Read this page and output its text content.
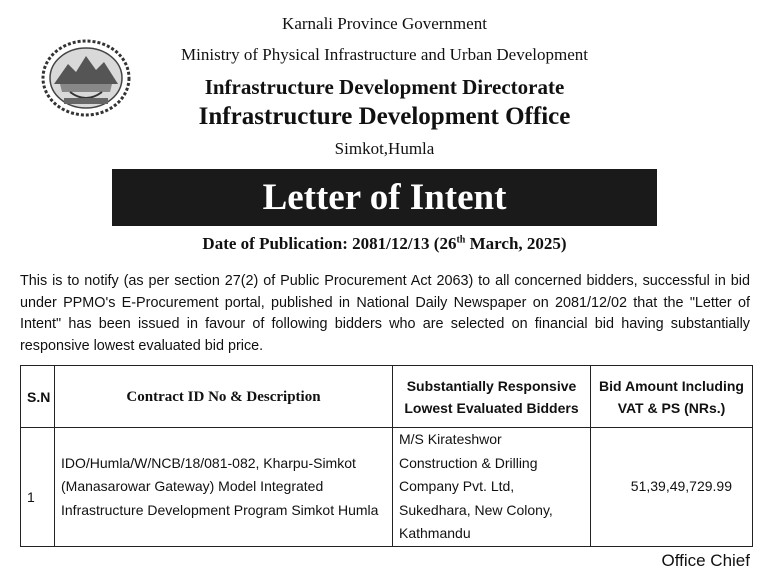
Karnali Province Government
Ministry of Physical Infrastructure and Urban Development
Infrastructure Development Directorate
Infrastructure Development Office
Simkot,Humla
Letter of Intent
Date of Publication: 2081/12/13 (26th March, 2025)
This is to notify (as per section 27(2) of Public Procurement Act 2063) to all concerned bidders, successful in bid under PPMO's E-Procurement portal, published in National Daily Newspaper on 2081/12/02 that the "Letter of Intent" has been issued in favour of following bidders who are selected on financial bid having substantially responsive lowest evaluated bid price.
S.N	Contract ID No & Description	Substantially Responsive Lowest Evaluated Bidders	Bid Amount Including VAT & PS (NRs.)
1	IDO/Humla/W/NCB/18/081-082, Kharpu-Simkot (Manasarowar Gateway) Model Integrated Infrastructure Development Program Simkot Humla	M/S Kirateshwor Construction & Drilling Company Pvt. Ltd, Sukedhara, New Colony, Kathmandu	51,39,49,729.99
Office Chief
